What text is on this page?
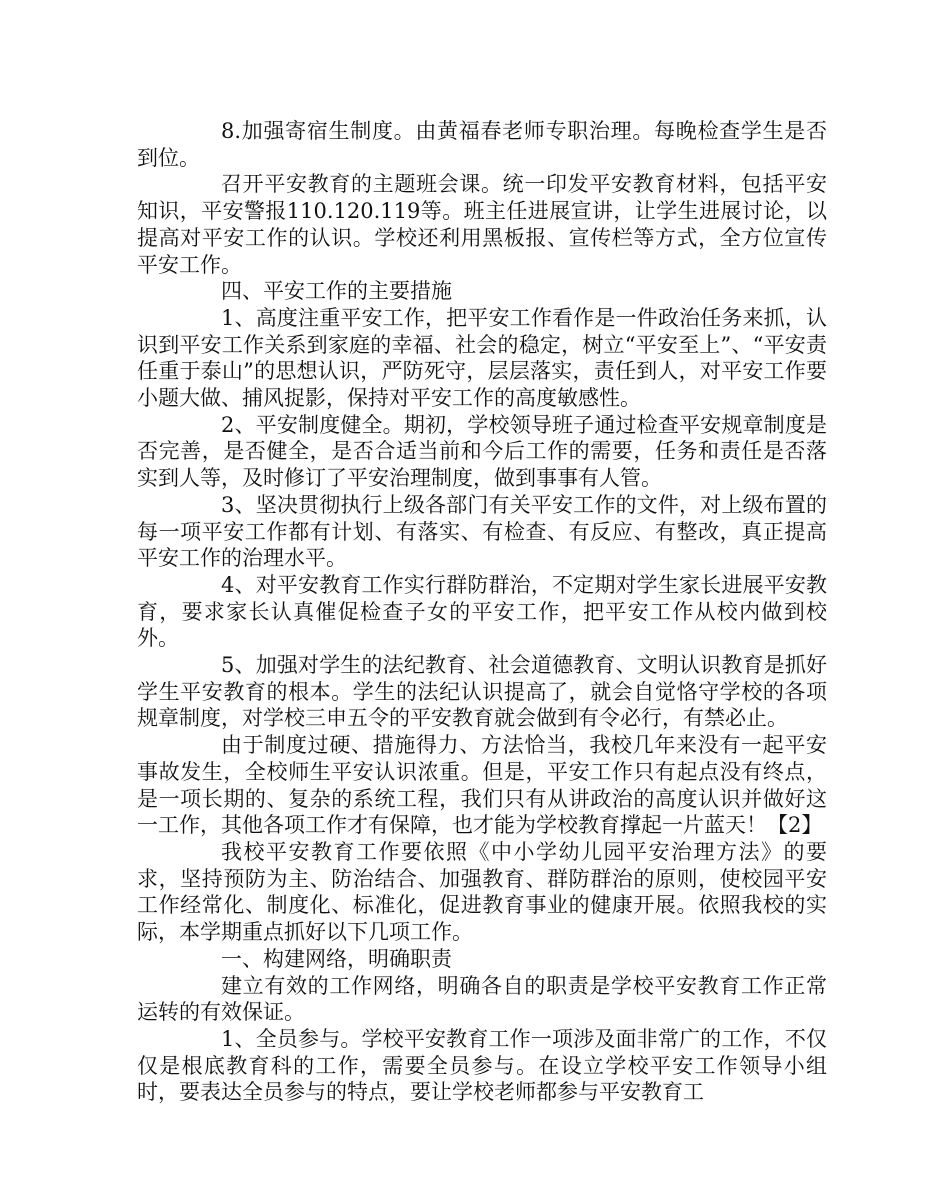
8.加强寄宿生制度。由黄福春老师专职治理。每晚检查学生是否到位。

召开平安教育的主题班会课。统一印发平安教育材料，包括平安知识，平安警报110.120.119等。班主任进展宣讲，让学生进展讨论，以提高对平安工作的认识。学校还利用黑板报、宣传栏等方式，全方位宣传平安工作。

四、平安工作的主要措施

1、高度注重平安工作，把平安工作看作是一件政治任务来抓，认识到平安工作关系到家庭的幸福、社会的稳定，树立“平安至上”、“平安责任重于泰山”的思想认识，严防死守，层层落实，责任到人，对平安工作要小题大做、捕风捉影，保持对平安工作的高度敏感性。

2、平安制度健全。期初，学校领导班子通过检查平安规章制度是否完善，是否健全，是否合适当前和今后工作的需要，任务和责任是否落实到人等，及时修订了平安治理制度，做到事事有人管。

3、坚决贯彻执行上级各部门有关平安工作的文件，对上级布置的每一项平安工作都有计划、有落实、有检查、有反应、有整改，真正提高平安工作的治理水平。

4、对平安教育工作实行群防群治，不定期对学生家长进展平安教育，要求家长认真催促检查子女的平安工作，把平安工作从校内做到校外。

5、加强对学生的法纪教育、社会道德教育、文明认识教育是抓好学生平安教育的根本。学生的法纪认识提高了，就会自觉恪守学校的各项规章制度，对学校三申五令的平安教育就会做到有令必行，有禁必止。

由于制度过硬、措施得力、方法恰当，我校几年来没有一起平安事故发生，全校师生平安认识浓重。但是，平安工作只有起点没有终点，是一项长期的、复杂的系统工程，我们只有从讲政治的高度认识并做好这一工作，其他各项工作才有保障，也才能为学校教育撑起一片蓝天！【2】

我校平安教育工作要依照《中小学幼儿园平安治理方法》的要求，坚持预防为主、防治结合、加强教育、群防群治的原则，使校园平安工作经常化、制度化、标准化，促进教育事业的健康开展。依照我校的实际，本学期重点抓好以下几项工作。

一、构建网络，明确职责

建立有效的工作网络，明确各自的职责是学校平安教育工作正常运转的有效保证。

1、全员参与。学校平安教育工作一项涉及面非常广的工作，不仅仅是根底教育科的工作，需要全员参与。在设立学校平安工作领导小组时，要表达全员参与的特点，要让学校老师都参与平安教育工
